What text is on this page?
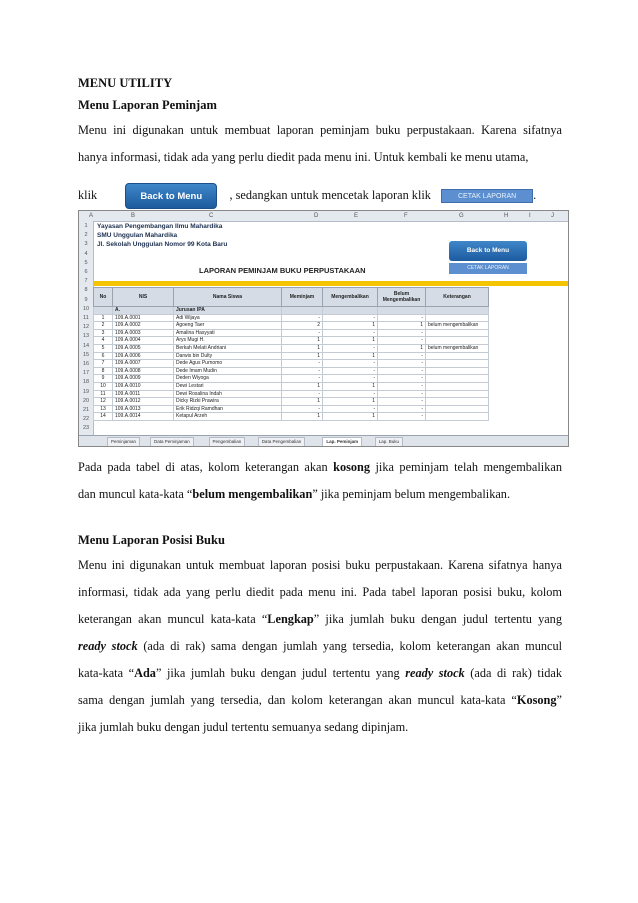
MENU UTILITY
Menu Laporan Peminjam
Menu ini digunakan untuk membuat laporan peminjam buku perpustakaan. Karena sifatnya
hanya informasi, tidak ada yang perlu diedit pada menu ini. Untuk kembali ke menu utama,
klik	Back to Menu , sedangkan untuk mencetak laporan klik	CETAK LAPORAN .
A	B	C	D	E	F	G	H	I	J
1
2
3
4
5
6
7
8
9
10
11
12
13
14
15
16
17
18
19
20
21
22
23
Yayasan Pengembangan Ilmu Mahardika
SMU Unggulan Mahardika
Jl. Sekolah Unggulan Nomor 99 Kota Baru
Back to Menu
CETAK LAPORAN
LAPORAN PEMINJAM BUKU PERPUSTAKAAN
No	NIS	Nama Siswa	Meminjam	Mengembalikan	Belum Mengembalikan	Keterangan
	A.	Jurusan IPA				
1	109.A.0001	Adi Wijaya	-	-	-	
2	109.A.0002	Agoeng Taer	2	1	1	belum mengembalikan
3	109.A.0003	Amalina Hasyyati	-	-	-	
4	109.A.0004	Arys Mugi H.	1	1	-	
5	109.A.0005	Berkah Melati Andriani	1	-	1	belum mengembalikan
6	109.A.0006	Darwis bin Dulty	1	1	-	
7	109.A.0007	Dede Agus Purnomo	-	-	-	
8	109.A.0008	Dede Imam Mudin	-	-	-	
9	109.A.0009	Deden Wiyoga	-	-	-	
10	109.A.0010	Dewi Lestari	1	1	-	
11	109.A.0011	Dewi Rosalina Indah	-	-	-	
12	109.A.0012	Dicky Rizki Prawira	1	1	-	
13	109.A.0013	Erik Ridzqi Ramdhan	-	-	-	
14	109.A.0014	Ketapul Arzeh	1	1	-	
Peminjaman	Data Peminjaman	Pengembalian	Data Pengembalian	Lap. Peminjam	Lap. Buku
Pada pada tabel di atas, kolom keterangan akan kosong jika peminjam telah mengembalikan
dan muncul kata-kata “belum mengembalikan” jika peminjam belum mengembalikan.
Menu Laporan Posisi Buku
Menu ini digunakan untuk membuat laporan posisi buku perpustakaan. Karena sifatnya hanya
informasi, tidak ada yang perlu diedit pada menu ini. Pada tabel laporan posisi buku, kolom
keterangan akan muncul kata-kata “Lengkap” jika jumlah buku dengan judul tertentu yang
ready stock (ada di rak) sama dengan jumlah yang tersedia, kolom keterangan akan muncul
kata-kata “Ada” jika jumlah buku dengan judul tertentu yang ready stock (ada di rak) tidak
sama dengan jumlah yang tersedia, dan kolom keterangan akan muncul kata-kata “Kosong”
jika jumlah buku dengan judul tertentu semuanya sedang dipinjam.
